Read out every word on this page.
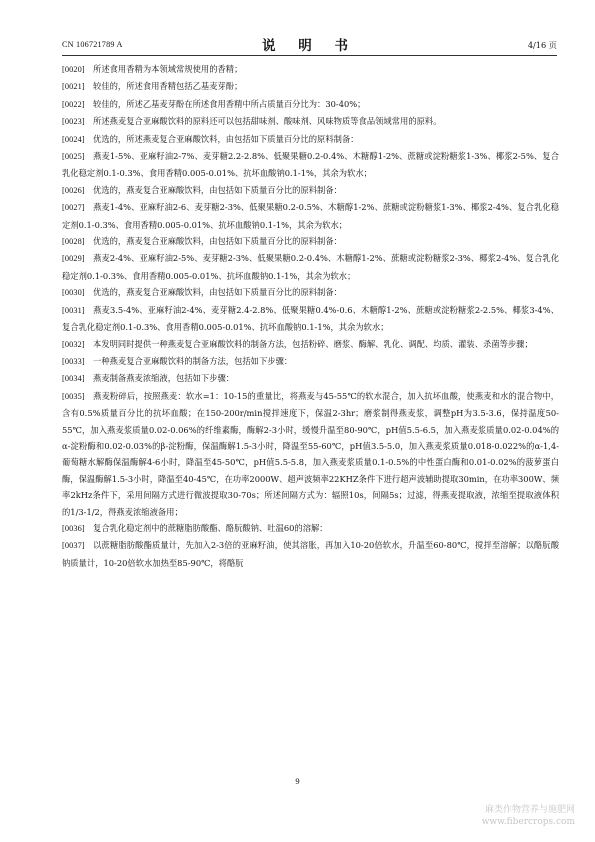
CN 106721789 A	说 明 书	4/16 页

[0020]  所述食用香精为本领域常规使用的香精；

[0021]  较佳的，所述食用香精包括乙基麦芽酚；

[0022]  较佳的，所述乙基麦芽酚在所述食用香精中所占质量百分比为：30-40%；

[0023]  所述燕麦复合亚麻酸饮料的原料还可以包括甜味剂、酸味剂、风味物质等食品领域常用的原料。

[0024]  优选的，所述燕麦复合亚麻酸饮料，由包括如下质量百分比的原料制备：

[0025]  燕麦1-5%、亚麻籽油2-7%、麦芽糖2.2-2.8%、低聚果糖0.2-0.4%、木糖醇1-2%、蔗糖或淀粉糖浆1-3%、椰浆2-5%、复合乳化稳定剂0.1-0.3%、食用香精0.005-0.01%、抗坏血酸钠0.1-1%，其余为软水；

[0026]  优选的，燕麦复合亚麻酸饮料，由包括如下质量百分比的原料制备：

[0027]  燕麦1-4%、亚麻籽油2-6、麦芽糖2-3%、低聚果糖0.2-0.5%、木糖醇1-2%、蔗糖或淀粉糖浆1-3%、椰浆2-4%、复合乳化稳定剂0.1-0.3%、食用香精0.005-0.01%、抗坏血酸钠0.1-1%，其余为软水；

[0028]  优选的，燕麦复合亚麻酸饮料，由包括如下质量百分比的原料制备：

[0029]  燕麦2-4%、亚麻籽油2-5%、麦芽糖2-3%、低聚果糖0.2-0.4%、木糖醇1-2%、蔗糖或淀粉糖浆2-3%、椰浆2-4%、复合乳化稳定剂0.1-0.3%、食用香精0.005-0.01%、抗坏血酸钠0.1-1%，其余为软水；

[0030]  优选的，燕麦复合亚麻酸饮料，由包括如下质量百分比的原料制备：

[0031]  燕麦3.5-4%、亚麻籽油2-4%、麦芽糖2.4-2.8%、低聚果糖0.4%-0.6、木糖醇1-2%、蔗糖或淀粉糖浆2-2.5%、椰浆3-4%、复合乳化稳定剂0.1-0.3%、食用香精0.005-0.01%、抗坏血酸钠0.1-1%，其余为软水；

[0032]  本发明同时提供一种燕麦复合亚麻酸饮料的制备方法，包括粉碎、磨浆、酶解、乳化、调配、均质、灌装、杀菌等步骤；

[0033]  一种燕麦复合亚麻酸饮料的制备方法，包括如下步骤：

[0034]  燕麦制备燕麦浓缩液，包括如下步骤：

[0035]  燕麦粉碎后，按照燕麦：软水=1：10-15的重量比，将燕麦与45-55℃的软水混合，加入抗坏血酸，使燕麦和水的混合物中，含有0.5%质量百分比的抗坏血酸；在150-200r/min搅拌速度下，保温2-3hr；磨浆制得燕麦浆，调整pH为3.5-3.6，保持温度50-55℃，加入燕麦浆质量0.02-0.06%的纤维素酶，酶解2-3小时，缓慢升温至80-90℃，pH值5.5-6.5，加入燕麦浆质量0.02-0.04%的α-淀粉酶和0.02-0.03%的β-淀粉酶，保温酶解1.5-3小时，降温至55-60℃，pH值3.5-5.0，加入燕麦浆质量0.018-0.022%的α-1,4-葡萄糖水解酶保温酶解4-6小时，降温至45-50℃，pH值5.5-5.8，加入燕麦浆质量0.1-0.5%的中性蛋白酶和0.01-0.02%的菠萝蛋白酶，保温酶解1.5-3小时，降温至40-45℃，在功率2000W、超声波频率22KHZ条件下进行超声波辅助提取30min，在功率300W、频率2kHz条件下，采用间隔方式进行微波提取30-70s；所述间隔方式为：辐照10s，间隔5s；过滤，得燕麦提取液，浓缩至提取液体积的1/3-1/2，得燕麦浓缩液备用；

[0036]  复合乳化稳定剂中的蔗糖脂肪酸酯、酪朊酸钠、吐温60的溶解：

[0037]  以蔗糖脂肪酸酯质量计，先加入2-3倍的亚麻籽油，使其溶胀，再加入10-20倍软水，升温至60-80℃，搅拌至溶解；以酪朊酸钠质量计，10-20倍软水加热至85-90℃，将酪朊

9
麻类作物营养与施肥网
www.fibercrops.com
